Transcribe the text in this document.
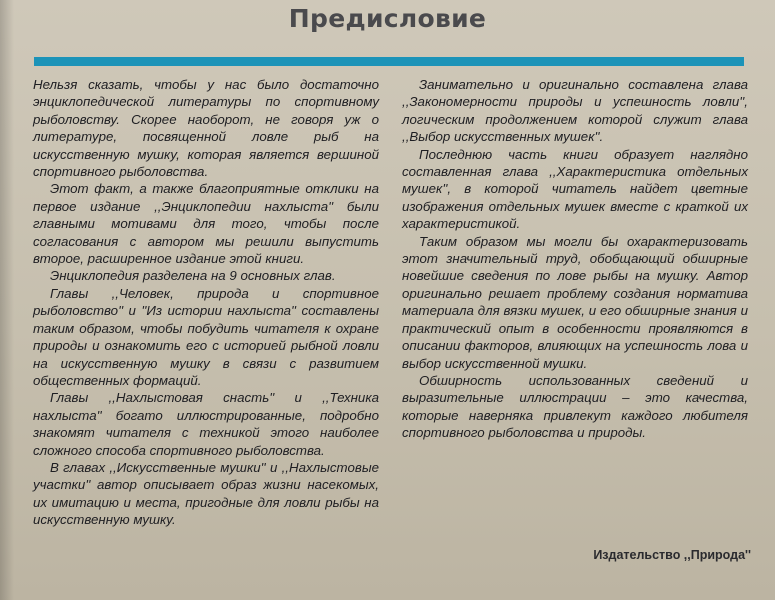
Предисловие

Нельзя сказать, чтобы у нас было достаточно энциклопедической литературы по спортивному рыболовству. Скорее наоборот, не говоря уж о литературе, посвященной ловле рыб на искусственную мушку, которая является вершиной спортивного рыболовства.

Этот факт, а также благоприятные отклики на первое издание ,,Энциклопедии нахлыста'' были главными мотивами для того, чтобы после согласования с автором мы решили выпустить второе, расширенное издание этой книги.

Энциклопедия разделена на 9 основных глав.

Главы ,,Человек, природа и спортивное рыболовство'' и ''Из истории нахлыста'' составлены таким образом, чтобы побудить читателя к охране природы и ознакомить его с историей рыбной ловли на искусственную мушку в связи с развитием общественных формаций.

Главы ,,Нахлыстовая снасть'' и ,,Техника нахлыста'' богато иллюстрированные, подробно знакомят читателя с техникой этого наиболее сложного способа спортивного рыболовства.

В главах ,,Искусственные мушки'' и ,,Нахлыстовые участки'' автор описывает образ жизни насекомых, их имитацию и места, пригодные для ловли рыбы на искусственную мушку.

Занимательно и оригинально составлена глава ,,Закономерности природы и успешность ловли'', логическим продолжением которой служит глава ,,Выбор искусственных мушек''.

Последнюю часть книги образует наглядно составленная глава ,,Характеристика отдельных мушек'', в которой читатель найдет цветные изображения отдельных мушек вместе с краткой их характеристикой.

Таким образом мы могли бы охарактеризовать этот значительный труд, обобщающий обширные новейшие сведения по лове рыбы на мушку. Автор оригинально решает проблему создания норматива материала для вязки мушек, и его обширные знания и практический опыт в особенности проявляются в описании факторов, влияющих на успешность лова и выбор искусственной мушки.

Обширность использованных сведений и выразительные иллюстрации – это качества, которые наверняка привлекут каждого любителя спортивного рыболовства и природы.

Издательство ,,Природа''
